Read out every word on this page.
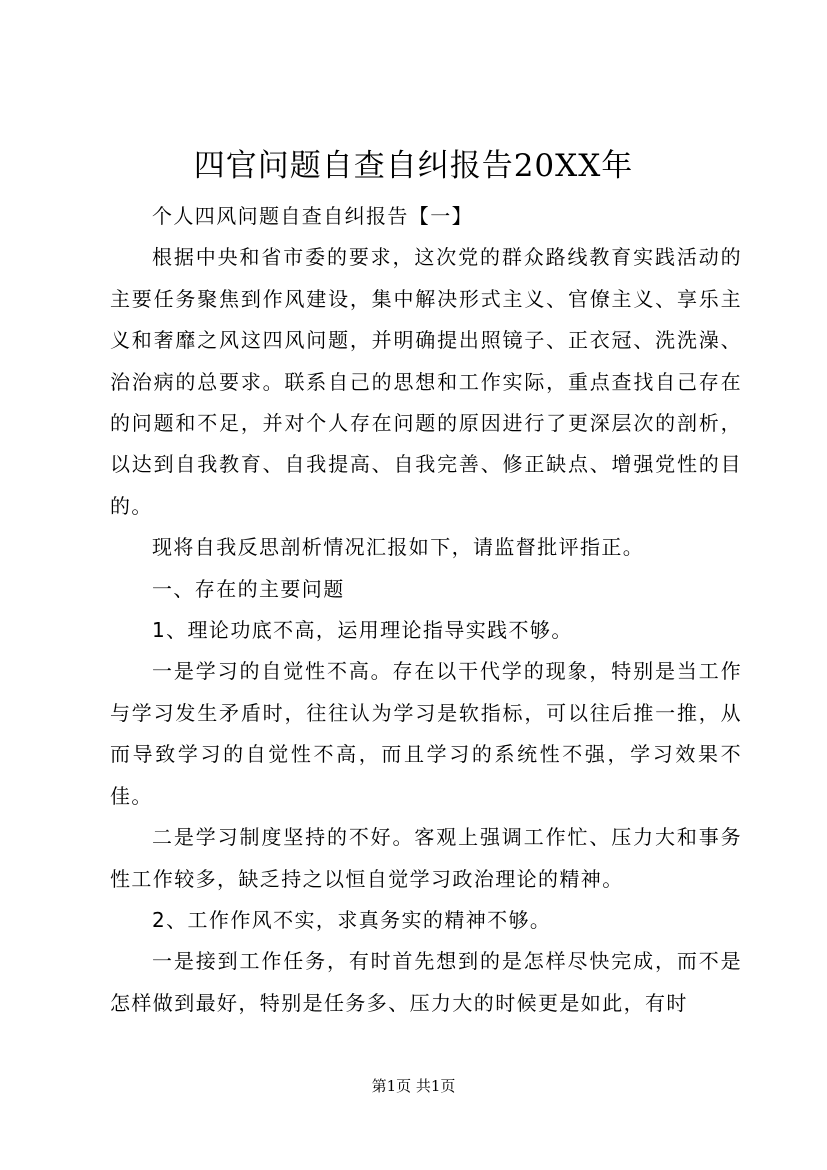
四官问题自查自纠报告20XX年

个人四风问题自查自纠报告【一】

根据中央和省市委的要求，这次党的群众路线教育实践活动的主要任务聚焦到作风建设，集中解决形式主义、官僚主义、享乐主义和奢靡之风这四风问题，并明确提出照镜子、正衣冠、洗洗澡、治治病的总要求。联系自己的思想和工作实际，重点查找自己存在的问题和不足，并对个人存在问题的原因进行了更深层次的剖析，以达到自我教育、自我提高、自我完善、修正缺点、增强党性的目的。

现将自我反思剖析情况汇报如下，请监督批评指正。

一、存在的主要问题

1、理论功底不高，运用理论指导实践不够。

一是学习的自觉性不高。存在以干代学的现象，特别是当工作与学习发生矛盾时，往往认为学习是软指标，可以往后推一推，从而导致学习的自觉性不高，而且学习的系统性不强，学习效果不佳。

二是学习制度坚持的不好。客观上强调工作忙、压力大和事务性工作较多，缺乏持之以恒自觉学习政治理论的精神。

2、工作作风不实，求真务实的精神不够。

一是接到工作任务，有时首先想到的是怎样尽快完成，而不是怎样做到最好，特别是任务多、压力大的时候更是如此，有时

第1页 共1页
